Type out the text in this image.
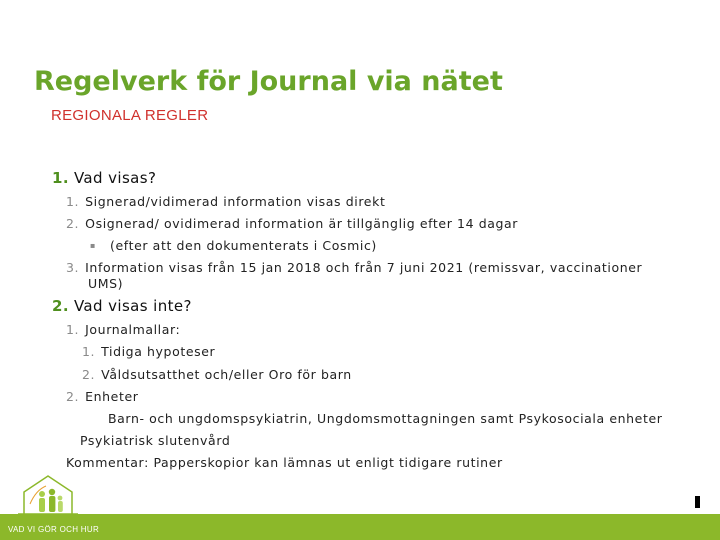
Regelverk för Journal via nätet
REGIONALA REGLER
1. Vad visas?
1. Signerad/vidimerad information visas direkt
2. Osignerad/ ovidimerad information är tillgänglig efter 14 dagar
▪ (efter att den dokumenterats i Cosmic)
3. Information visas från 15 jan 2018 och från 7 juni 2021 (remissvar, vaccinationer
UMS)
2. Vad visas inte?
1. Journalmallar:
1. Tidiga hypoteser
2. Våldsutsatthet och/eller Oro för barn
2. Enheter
Barn- och ungdomspsykiatrin, Ungdomsmottagningen samt Psykosociala enheter
Psykiatrisk slutenvård
Kommentar: Papperskopior kan lämnas ut enligt tidigare rutiner
VAD VI GÖR OCH HUR
